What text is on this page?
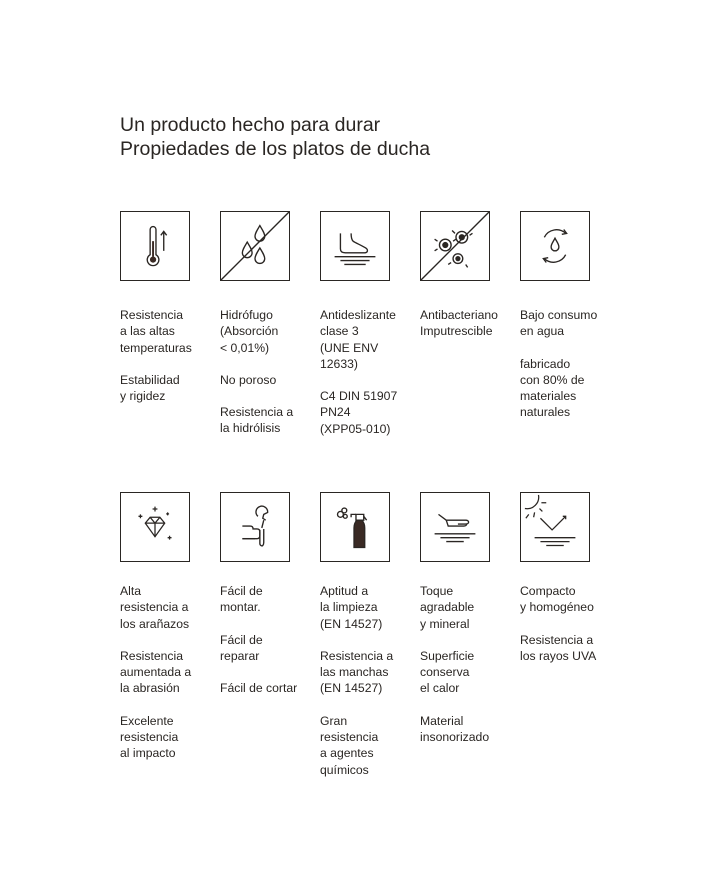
Un producto hecho para durar
Propiedades de los platos de ducha
Resistencia
a las altas
temperaturas
Estabilidad
y rigidez
Hidrófugo
(Absorción
< 0,01%)
No poroso
Resistencia a
la hidrólisis
Antideslizante
clase 3
(UNE ENV
12633)
C4 DIN 51907
PN24
(XPP05-010)
Antibacteriano
Imputrescible
Bajo consumo
en agua
fabricado
con 80% de
materiales
naturales
Alta
resistencia a
los arañazos
Resistencia
aumentada a
la abrasión
Excelente
resistencia
al impacto
Fácil de
montar.
Fácil de
reparar
Fácil de cortar
Aptitud a
la limpieza
(EN 14527)
Resistencia a
las manchas
(EN 14527)
Gran
resistencia
a agentes
químicos
Toque
agradable
y mineral
Superficie
conserva
el calor
Material
insonorizado
Compacto
y homogéneo
Resistencia a
los rayos UVA
